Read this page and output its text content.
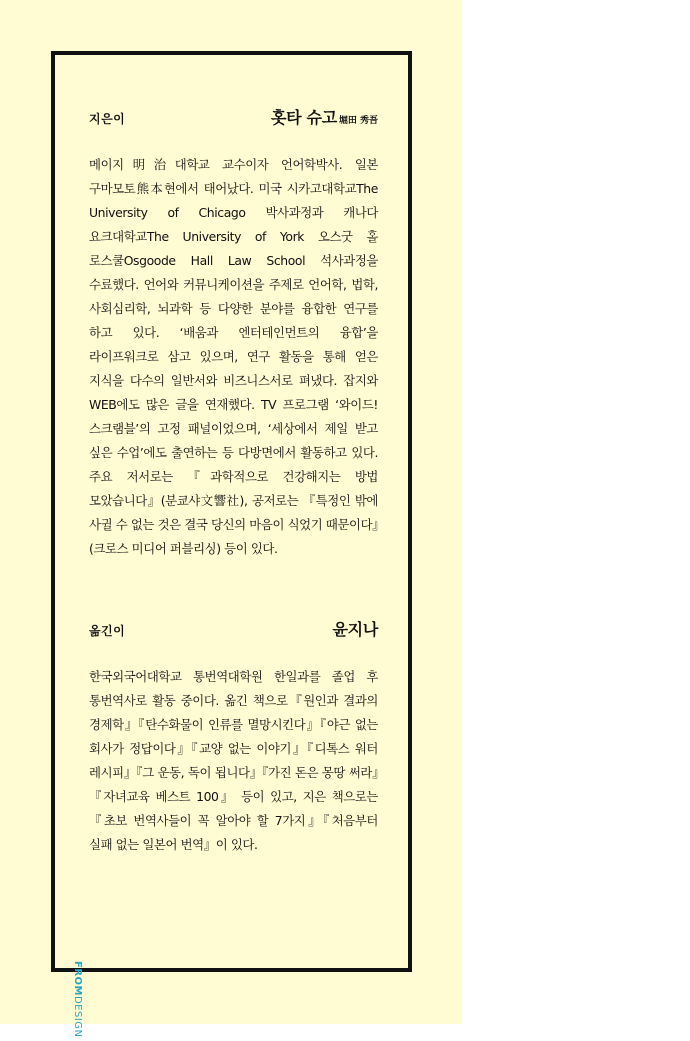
지은이	홋타 슈고 堀田 秀吾

메이지明治대학교 교수이자 언어학박사. 일본 구마모토熊本현에서 태어났다. 미국 시카고대학교The University of Chicago 박사과정과 캐나다 요크대학교The University of York 오스굿 홀 로스쿨Osgoode Hall Law School 석사과정을 수료했다. 언어와 커뮤니케이션을 주제로 언어학, 법학, 사회심리학, 뇌과학 등 다양한 분야를 융합한 연구를 하고 있다. ‘배움과 엔터테인먼트의 융합’을 라이프워크로 삼고 있으며, 연구 활동을 통해 얻은 지식을 다수의 일반서와 비즈니스서로 펴냈다. 잡지와 WEB에도 많은 글을 연재했다. TV 프로그램 ‘와이드! 스크램블’의 고정 패널이었으며, ‘세상에서 제일 받고 싶은 수업’에도 출연하는 등 다방면에서 활동하고 있다. 주요 저서로는 『과학적으로 건강해지는 방법 모았습니다』(분쿄샤文響社), 공저로는 『특정인 밖에 사귈 수 없는 것은 결국 당신의 마음이 식었기 때문이다』(크로스 미디어 퍼블리싱) 등이 있다.

옮긴이	윤지나

한국외국어대학교 통번역대학원 한일과를 졸업 후 통번역사로 활동 중이다. 옮긴 책으로『원인과 결과의 경제학』『탄수화물이 인류를 멸망시킨다』『야근 없는 회사가 정답이다』『교양 없는 이야기』『디톡스 워터 레시피』『그 운동, 독이 됩니다』『가진 돈은 몽땅 써라』『자녀교육 베스트 100』 등이 있고, 지은 책으로는『초보 번역사들이 꼭 알아야 할 7가지』『처음부터 실패 없는 일본어 번역』이 있다.

FROMDESIGN
